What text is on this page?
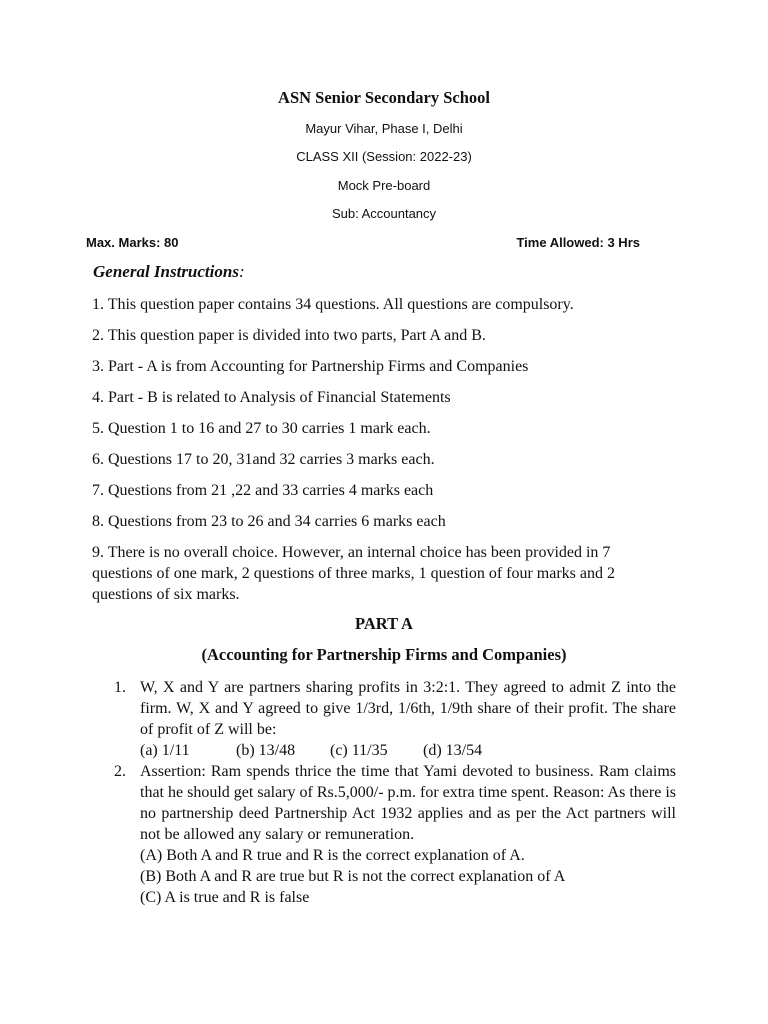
ASN Senior Secondary School
Mayur Vihar, Phase I, Delhi
CLASS XII (Session: 2022-23)
Mock Pre-board
Sub: Accountancy
Max. Marks: 80	Time Allowed: 3 Hrs
General Instructions:
1. This question paper contains 34 questions. All questions are compulsory.
2. This question paper is divided into two parts, Part A and B.
3. Part - A is from Accounting for Partnership Firms and Companies
4. Part - B is related to Analysis of Financial Statements
5. Question 1 to 16 and 27 to 30 carries 1 mark each.
6. Questions 17 to 20, 31and 32 carries 3 marks each.
7. Questions from 21 ,22 and 33 carries 4 marks each
8. Questions from 23 to 26 and 34 carries 6 marks each
9. There is no overall choice. However, an internal choice has been provided in 7 questions of one mark, 2 questions of three marks, 1 question of four marks and 2 questions of six marks.
PART A
(Accounting for Partnership Firms and Companies)
1. W, X and Y are partners sharing profits in 3:2:1. They agreed to admit Z into the firm. W, X and Y agreed to give 1/3rd, 1/6th, 1/9th share of their profit. The share of profit of Z will be:
(a) 1/11	(b) 13/48 (c) 11/35 (d) 13/54
2. Assertion: Ram spends thrice the time that Yami devoted to business. Ram claims that he should get salary of Rs.5,000/- p.m. for extra time spent. Reason: As there is no partnership deed Partnership Act 1932 applies and as per the Act partners will not be allowed any salary or remuneration.
(A) Both A and R true and R is the correct explanation of A.
(B) Both A and R are true but R is not the correct explanation of A
(C) A is true and R is false
